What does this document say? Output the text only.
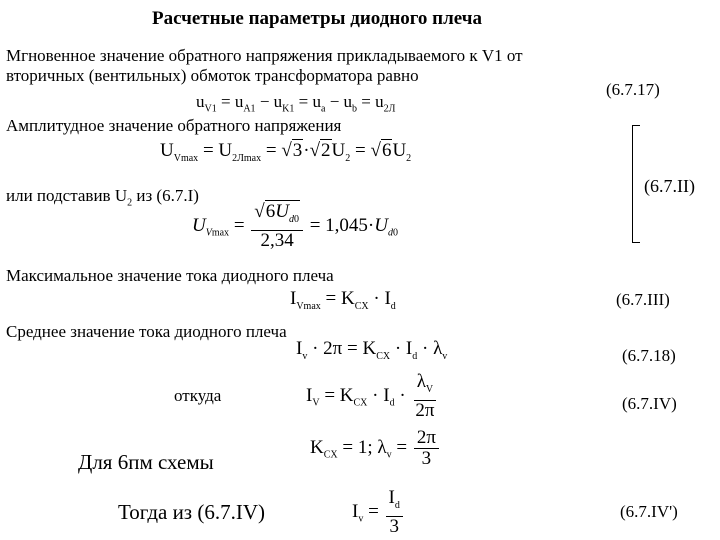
Расчетные параметры диодного плеча
Мгновенное значение обратного напряжения прикладываемого к V1 от
вторичных (вентильных) обмоток трансформатора равно
(6.7.17)
$u_{V1} = u_{A1} - u_{K1} = u_a - u_b = u_{2Л}$
Амплитудное значение обратного напряжения
$U_{Vmax} = U_{2Лmax} = √3\cdot√2U_2 = √6U_2$
(6.7.II)
или подставив $U_2$ из (6.7.I)
$U_{Vmax} = \frac{√6U_{d0}}{2,34} = 1,045\cdot U_{d0}$
Максимальное значение тока диодного плеча
$I_{Vmax} = K_{CX} \cdot I_d$	(6.7.III)
Среднее значение тока диодного плеча
$I_v \cdot 2\pi = K_{CX} \cdot I_d \cdot \lambda_v$	(6.7.18)
откуда	$I_V = K_{CX} \cdot I_d \cdot \frac{\lambda_V}{2\pi}$	(6.7.IV)
Для 6пм схемы
$K_{CX} = 1$; $\lambda_v = \frac{2\pi}{3}$
Тогда из (6.7.IV)	$I_v = \frac{I_d}{3}$	(6.7.IV')
